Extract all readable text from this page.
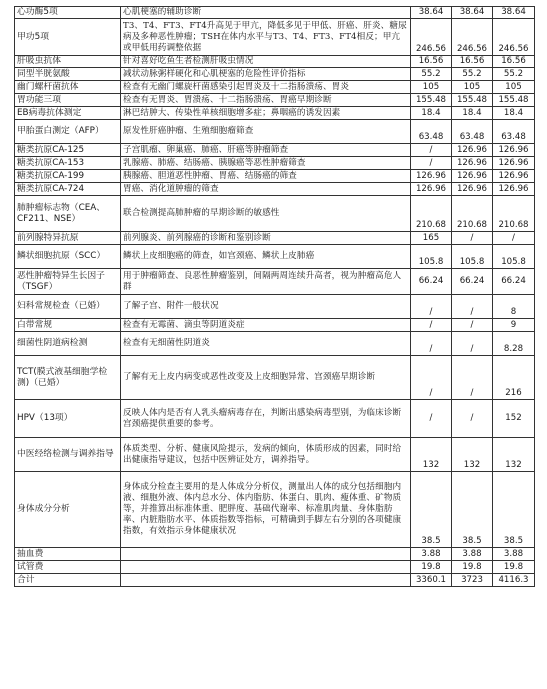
心功酶5项	心肌梗塞的辅助诊断	38.64	38.64	38.64
甲功5项	T3、T4、FT3、FT4升高见于甲亢，降低多见于甲低、肝癌、肝炎、糖尿病及多种恶性肿瘤；TSH在体内水平与T3、T4、FT3、FT4相反；甲亢或甲低用药调整依据	246.56	246.56	246.56
肝吸虫抗体	针对喜好吃鱼生者检测肝吸虫情况	16.56	16.56	16.56
同型半胱氨酸	减状动脉粥样硬化和心肌梗塞的危险性评价指标	55.2	55.2	55.2
幽门螺杆菌抗体	检查有无幽门螺旋杆菌感染引起胃炎及十二指肠溃疡、胃炎	105	105	105
胃功能三项	检查有无胃炎、胃溃疡、十二指肠溃疡、胃癌早期诊断	155.48	155.48	155.48
EB病毒抗体测定	淋巴结肿大、传染性单核细胞增多症；鼻咽癌的诱发因素	18.4	18.4	18.4
甲胎蛋白测定（AFP）	原发性肝癌肿瘤、生殖细胞瘤筛查	63.48	63.48	63.48
糖类抗原CA-125	子宫肌瘤、卵巢癌、肺癌、肝癌等肿瘤筛查	/	126.96	126.96
糖类抗原CA-153	乳腺癌、肺癌、结肠癌、胰腺癌等恶性肿瘤筛查	/	126.96	126.96
糖类抗原CA-199	胰腺癌、胆道恶性肿瘤、胃癌、结肠癌的筛查	126.96	126.96	126.96
糖类抗原CA-724	胃癌、消化道肿瘤的筛查	126.96	126.96	126.96
肺肿瘤标志物（CEA、CF211、NSE）	联合检测提高肺肿瘤的早期诊断的敏感性	210.68	210.68	210.68
前列腺特异抗原	前列腺炎、前列腺癌的诊断和鉴别诊断	165	/	/
鳞状细胞抗原（SCC）	鳞状上皮细胞癌的筛查，如宫颈癌、鳞状上皮肺癌	105.8	105.8	105.8
恶性肿瘤特异生长因子（TSGF）	用于肿瘤筛查、良恶性肿瘤鉴别，间隔两周连续升高者，视为肿瘤高危人群	66.24	66.24	66.24
妇科常规检查（已婚）	了解子宫、附件一般状况	/	/	8
白带常规	检查有无霉菌、滴虫等阴道炎症	/	/	9
细菌性阴道病检测	检查有无细菌性阴道炎	/	/	8.28
TCT(膜式液基细胞学检测)（已婚）	了解有无上皮内病变或恶性改变及上皮细胞异常、宫颈癌早期诊断	/	/	216
HPV（13项）	反映人体内是否有人乳头瘤病毒存在，判断出感染病毒型别，为临床诊断宫颈癌提供重要的参考。	/	/	152
中医经络检测与调养指导	体质类型、分析、健康风险提示，发病的倾向，体质形成的因素，同时给出健康指导建议，包括中医辨证处方，调养指导。	132	132	132
身体成分分析	身体成分检查主要用的是人体成分分析仪，测量出人体的成分包括细胞内液、细胞外液、体内总水分、体内脂肪、体蛋白、肌肉、瘦体重、矿物质等，并推算出标准体重、肥胖度、基础代谢率、标准肌肉量、身体脂肪率、内脏脂肪水平、体质指数等指标，可精确到手脚左右分别的各项健康指数，有效指示身体健康状况	38.5	38.5	38.5
抽血费		3.88	3.88	3.88
试管费		19.8	19.8	19.8
合计		3360.1	3723	4116.3
